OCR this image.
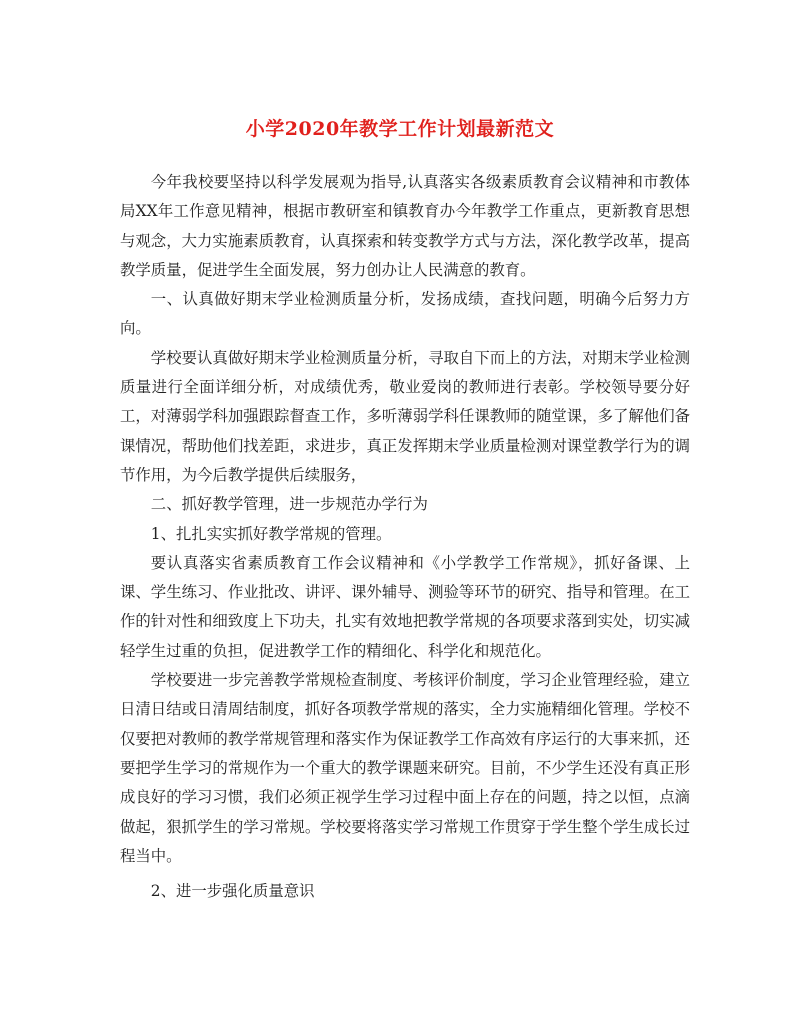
小学2020年教学工作计划最新范文

今年我校要坚持以科学发展观为指导,认真落实各级素质教育会议精神和市教体局XX年工作意见精神，根据市教研室和镇教育办今年教学工作重点，更新教育思想与观念，大力实施素质教育，认真探索和转变教学方式与方法，深化教学改革，提高教学质量，促进学生全面发展，努力创办让人民满意的教育。

一、认真做好期末学业检测质量分析，发扬成绩，查找问题，明确今后努力方向。

学校要认真做好期末学业检测质量分析，寻取自下而上的方法，对期末学业检测质量进行全面详细分析，对成绩优秀，敬业爱岗的教师进行表彰。学校领导要分好工，对薄弱学科加强跟踪督查工作，多听薄弱学科任课教师的随堂课，多了解他们备课情况，帮助他们找差距，求进步，真正发挥期末学业质量检测对课堂教学行为的调节作用，为今后教学提供后续服务，

二、抓好教学管理，进一步规范办学行为

1、扎扎实实抓好教学常规的管理。

要认真落实省素质教育工作会议精神和《小学教学工作常规》，抓好备课、上课、学生练习、作业批改、讲评、课外辅导、测验等环节的研究、指导和管理。在工作的针对性和细致度上下功夫，扎实有效地把教学常规的各项要求落到实处，切实减轻学生过重的负担，促进教学工作的精细化、科学化和规范化。

学校要进一步完善教学常规检查制度、考核评价制度，学习企业管理经验，建立日清日结或日清周结制度，抓好各项教学常规的落实，全力实施精细化管理。学校不仅要把对教师的教学常规管理和落实作为保证教学工作高效有序运行的大事来抓，还要把学生学习的常规作为一个重大的教学课题来研究。目前，不少学生还没有真正形成良好的学习习惯，我们必须正视学生学习过程中面上存在的问题，持之以恒，点滴做起，狠抓学生的学习常规。学校要将落实学习常规工作贯穿于学生整个学生成长过程当中。

2、进一步强化质量意识
